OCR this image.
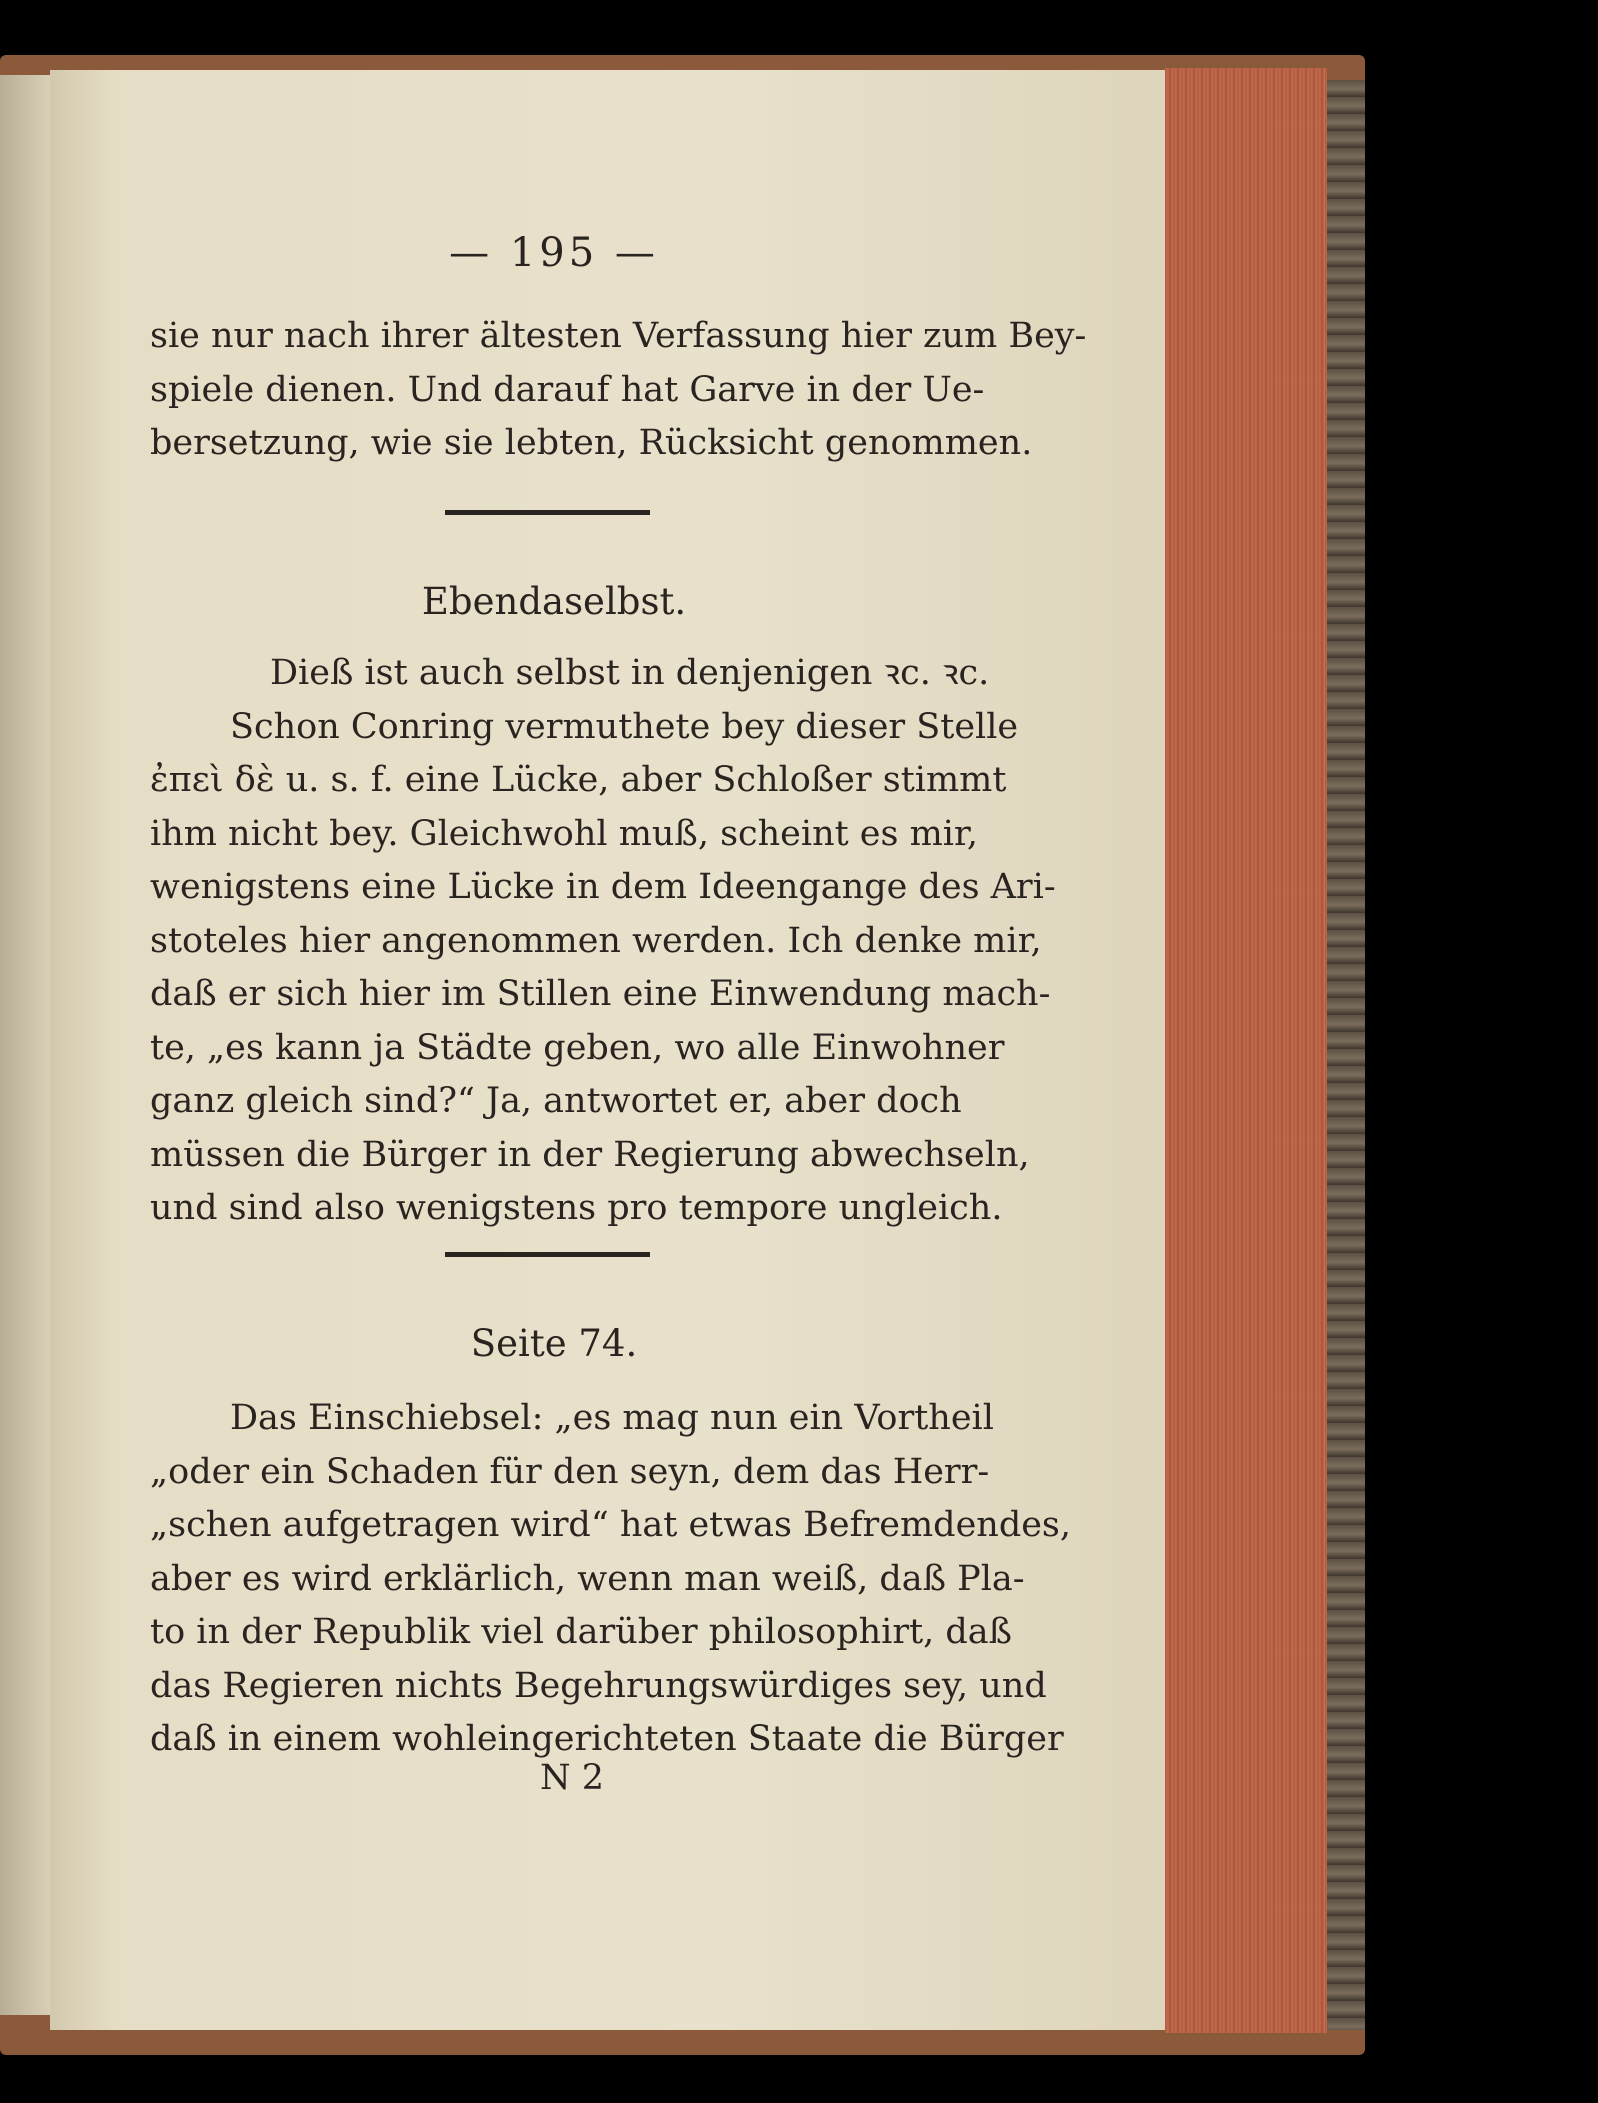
— 195 —
sie nur nach ihrer ältesten Verfassung hier zum Bey-
spiele dienen. Und darauf hat Garve in der Ue-
bersetzung, wie sie lebten, Rücksicht genommen.
Ebendaselbst.
Dieß ist auch selbst in denjenigen ꝛc. ꝛc.
Schon Conring vermuthete bey dieser Stelle
ἐπεὶ δὲ u. s. f. eine Lücke, aber Schloßer stimmt
ihm nicht bey. Gleichwohl muß, scheint es mir,
wenigstens eine Lücke in dem Ideengange des Ari-
stoteles hier angenommen werden. Ich denke mir,
daß er sich hier im Stillen eine Einwendung mach-
te, „es kann ja Städte geben, wo alle Einwohner
ganz gleich sind?“ Ja, antwortet er, aber doch
müssen die Bürger in der Regierung abwechseln,
und sind also wenigstens pro tempore ungleich.
Seite 74.
Das Einschiebsel: „es mag nun ein Vortheil
„oder ein Schaden für den seyn, dem das Herr-
„schen aufgetragen wird“ hat etwas Befremdendes,
aber es wird erklärlich, wenn man weiß, daß Pla-
to in der Republik viel darüber philosophirt, daß
das Regieren nichts Begehrungswürdiges sey, und
daß in einem wohleingerichteten Staate die Bürger
N 2
